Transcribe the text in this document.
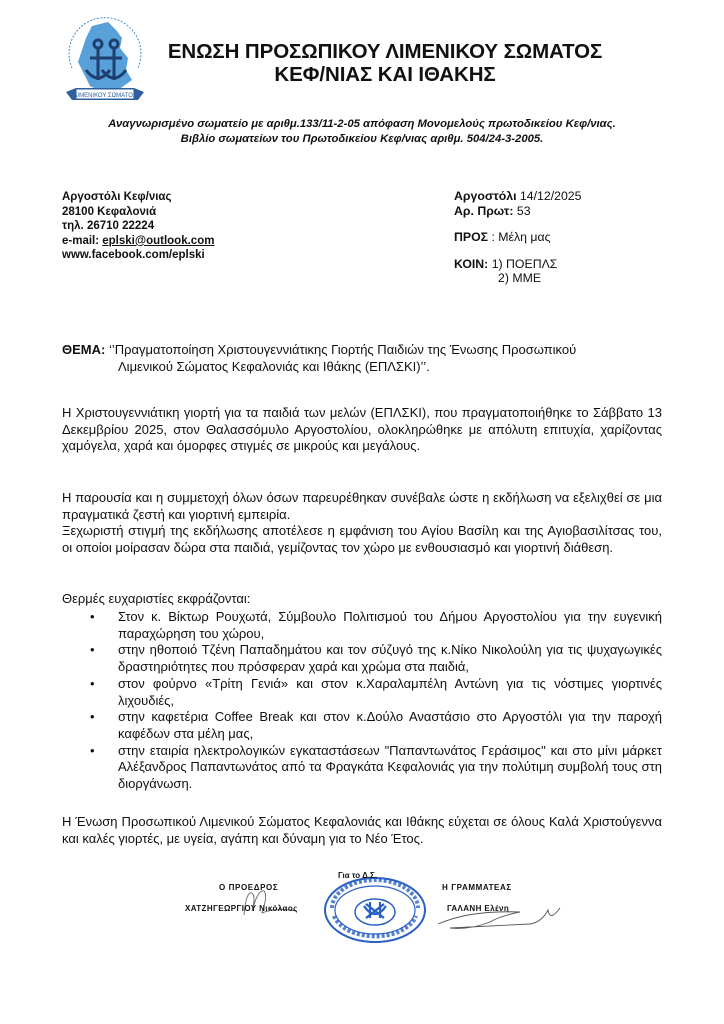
ΛΙΜΕΝΙΚΟΥ ΣΩΜΑΤΟΣ
ΕΝΩΣΗ ΠΡΟΣΩΠΙΚΟΥ ΛΙΜΕΝΙΚΟΥ ΣΩΜΑΤΟΣ
ΚΕΦ/ΝΙΑΣ ΚΑΙ ΙΘΑΚΗΣ
Αναγνωρισμένο σωματείο με αριθμ.133/11-2-05 απόφαση Μονομελούς πρωτοδικείου Κεφ/νιας.
Βιβλίο σωματείων του Πρωτοδικείου Κεφ/νιας αριθμ. 504/24-3-2005.
Αργοστόλι Κεφ/νιας
28100 Κεφαλονιά
τηλ. 26710 22224
e-mail: eplski@outlook.com
www.facebook.com/eplski
Αργοστόλι 14/12/2025
Αρ. Πρωτ: 53
ΠΡΟΣ : Μέλη μας
ΚΟΙΝ: 1) ΠΟΕΠΛΣ
2) ΜΜΕ
ΘΕΜΑ: ‘’Πραγματοποίηση Χριστουγεννιάτικης Γιορτής Παιδιών της Ένωσης Προσωπικού
Λιμενικού Σώματος Κεφαλονιάς και Ιθάκης (ΕΠΛΣΚΙ)’’.
Η Χριστουγεννιάτικη γιορτή για τα παιδιά των μελών (ΕΠΛΣΚΙ), που πραγματοποιήθηκε το Σάββατο 13 Δεκεμβρίου 2025, στον Θαλασσόμυλο Αργοστολίου, ολοκληρώθηκε με απόλυτη επιτυχία, χαρίζοντας χαμόγελα, χαρά και όμορφες στιγμές σε μικρούς και μεγάλους.
Η παρουσία και η συμμετοχή όλων όσων παρευρέθηκαν συνέβαλε ώστε η εκδήλωση να εξελιχθεί σε μια πραγματικά ζεστή και γιορτινή εμπειρία.
Ξεχωριστή στιγμή της εκδήλωσης αποτέλεσε η εμφάνιση του Αγίου Βασίλη και της Αγιοβασιλίτσας του, οι οποίοι μοίρασαν δώρα στα παιδιά, γεμίζοντας τον χώρο με ενθουσιασμό και γιορτινή διάθεση.
Θερμές ευχαριστίες εκφράζονται:
• Στον κ. Βίκτωρ Ρουχωτά, Σύμβουλο Πολιτισμού του Δήμου Αργοστολίου για την ευγενική παραχώρηση του χώρου,
• στην ηθοποιό Τζένη Παπαδημάτου και τον σύζυγό της κ.Νίκο Νικολούλη για τις ψυχαγωγικές δραστηριότητες που πρόσφεραν χαρά και χρώμα στα παιδιά,
• στον φούρνο «Τρίτη Γενιά» και στον κ.Χαραλαμπέλη Αντώνη για τις νόστιμες γιορτινές λιχουδιές,
• στην καφετέρια Coffee Break και στον κ.Δούλο Αναστάσιο στο Αργοστόλι για την παροχή καφέδων στα μέλη μας,
• στην εταιρία ηλεκτρολογικών εγκαταστάσεων "Παπαντωνάτος Γεράσιμος" και στο μίνι μάρκετ Αλέξανδρος Παπαντωνάτος από τα Φραγκάτα Κεφαλονιάς για την πολύτιμη συμβολή τους στη διοργάνωση.
Η Ένωση Προσωπικού Λιμενικού Σώματος Κεφαλονιάς και Ιθάκης εύχεται σε όλους Καλά Χριστούγεννα και καλές γιορτές, με υγεία, αγάπη και δύναμη για το Νέο Έτος.
Για το Δ.Σ.
Ο ΠΡΟΕΔΡΟΣ	Η ΓΡΑΜΜΑΤΕΑΣ
ΧΑΤΖΗΓΕΩΡΓΙΟΥ Νικόλαος	ΓΑΛΑΝΗ Ελένη
